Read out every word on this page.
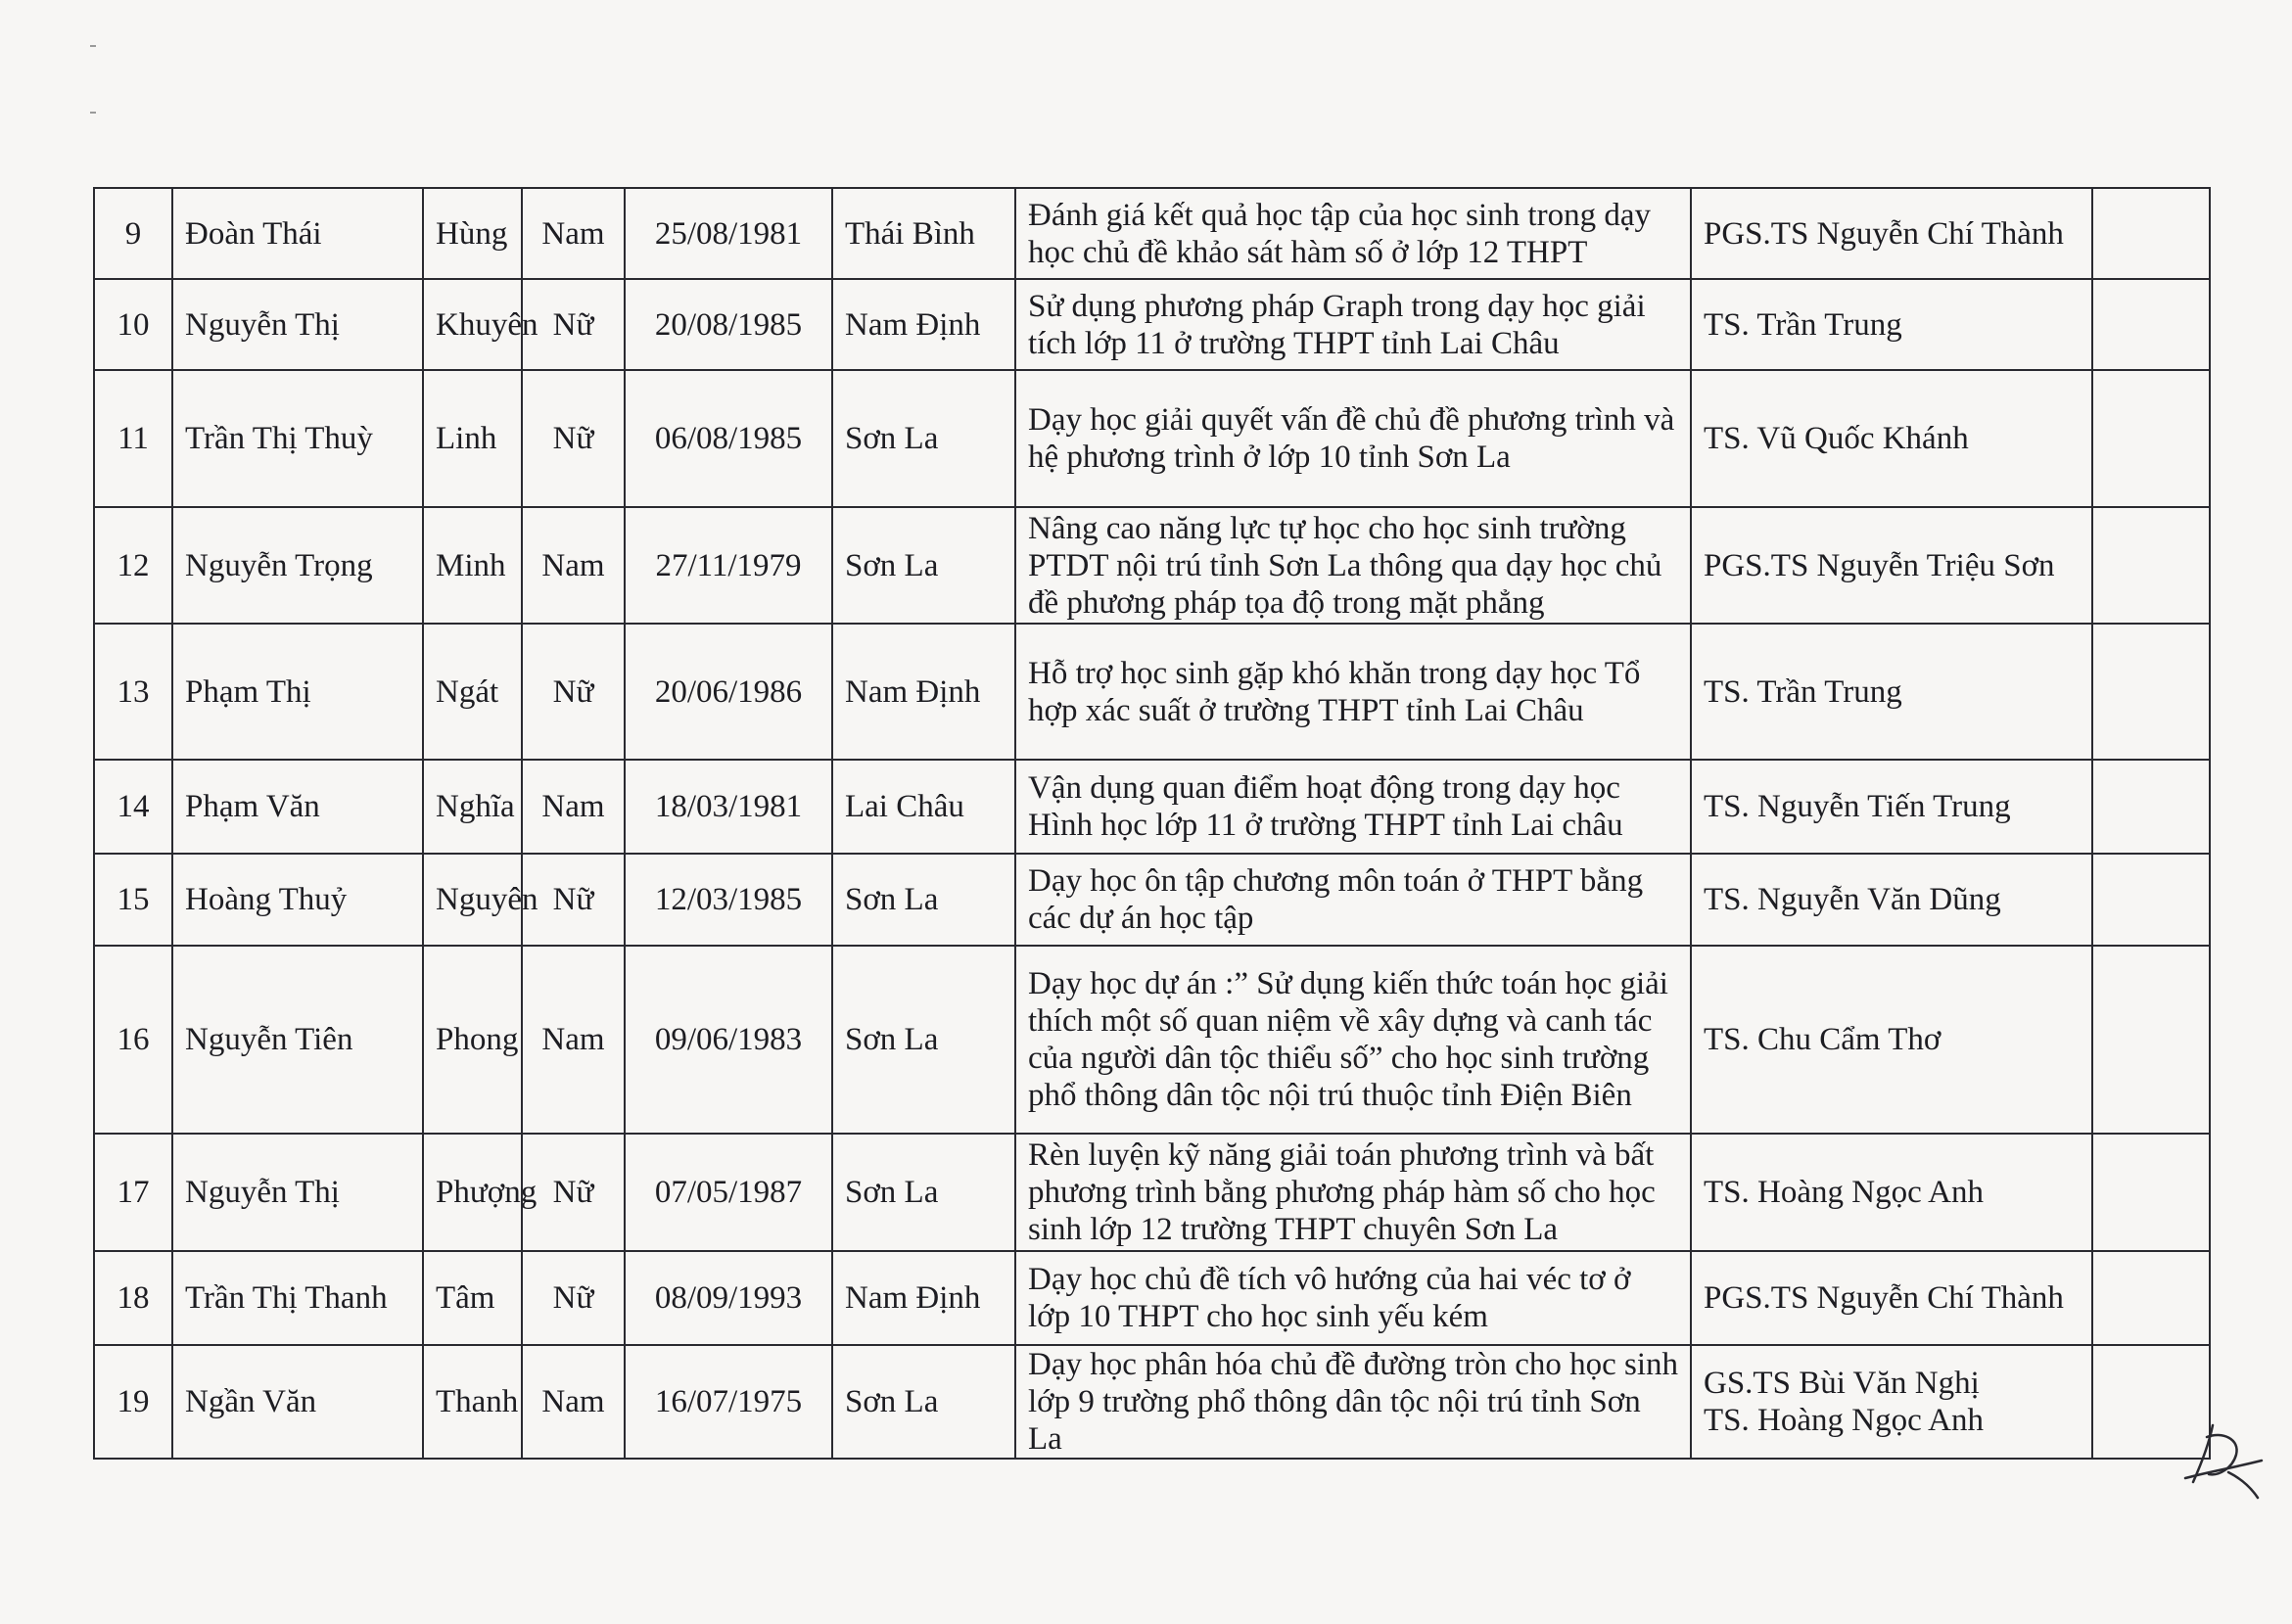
9	Đoàn Thái	Hùng	Nam	25/08/1981	Thái Bình	Đánh giá kết quả học tập của học sinh trong dạy học chủ đề khảo sát hàm số ở lớp 12 THPT	PGS.TS Nguyễn Chí Thành	

10	Nguyễn Thị	Khuyên	Nữ	20/08/1985	Nam Định	Sử dụng phương pháp Graph trong dạy học giải tích lớp 11 ở trường THPT tỉnh Lai Châu	TS. Trần Trung	

11	Trần Thị Thuỳ	Linh	Nữ	06/08/1985	Sơn La	Dạy học giải quyết vấn đề chủ đề phương trình và hệ phương trình ở lớp 10 tỉnh Sơn La	TS. Vũ Quốc Khánh	

12	Nguyễn Trọng	Minh	Nam	27/11/1979	Sơn La	Nâng cao năng lực tự học cho học sinh trường PTDT nội trú tỉnh Sơn La thông qua dạy học chủ đề phương pháp tọa độ trong mặt phẳng	PGS.TS Nguyễn Triệu Sơn	

13	Phạm Thị	Ngát	Nữ	20/06/1986	Nam Định	Hỗ trợ học sinh gặp khó khăn trong dạy học Tổ hợp xác suất ở trường THPT tỉnh Lai Châu	TS. Trần Trung	

14	Phạm Văn	Nghĩa	Nam	18/03/1981	Lai Châu	Vận dụng quan điểm hoạt động trong dạy học Hình học lớp 11 ở trường THPT tỉnh Lai châu	TS. Nguyễn Tiến Trung	

15	Hoàng Thuỷ	Nguyên	Nữ	12/03/1985	Sơn La	Dạy học ôn tập chương môn toán ở THPT bằng các dự án học tập	TS. Nguyễn Văn Dũng	

16	Nguyễn Tiên	Phong	Nam	09/06/1983	Sơn La	Dạy học dự án :” Sử dụng kiến thức toán học giải thích một số quan niệm về xây dựng và canh tác của người dân tộc thiểu số” cho học sinh trường phổ thông dân tộc nội trú thuộc tỉnh Điện Biên	TS. Chu Cẩm Thơ	

17	Nguyễn Thị	Phượng	Nữ	07/05/1987	Sơn La	Rèn luyện kỹ năng giải toán phương trình và bất phương trình bằng phương pháp hàm số cho học sinh lớp 12 trường THPT chuyên Sơn La	TS. Hoàng Ngọc Anh	

18	Trần Thị Thanh	Tâm	Nữ	08/09/1993	Nam Định	Dạy học chủ đề tích vô hướng của hai véc tơ ở lớp 10 THPT cho học sinh yếu kém	PGS.TS Nguyễn Chí Thành	

19	Ngần Văn	Thanh	Nam	16/07/1975	Sơn La	Dạy học phân hóa chủ đề đường tròn cho học sinh lớp 9 trường phổ thông dân tộc nội trú tỉnh Sơn La	GS.TS Bùi Văn Nghị
TS. Hoàng Ngọc Anh	
